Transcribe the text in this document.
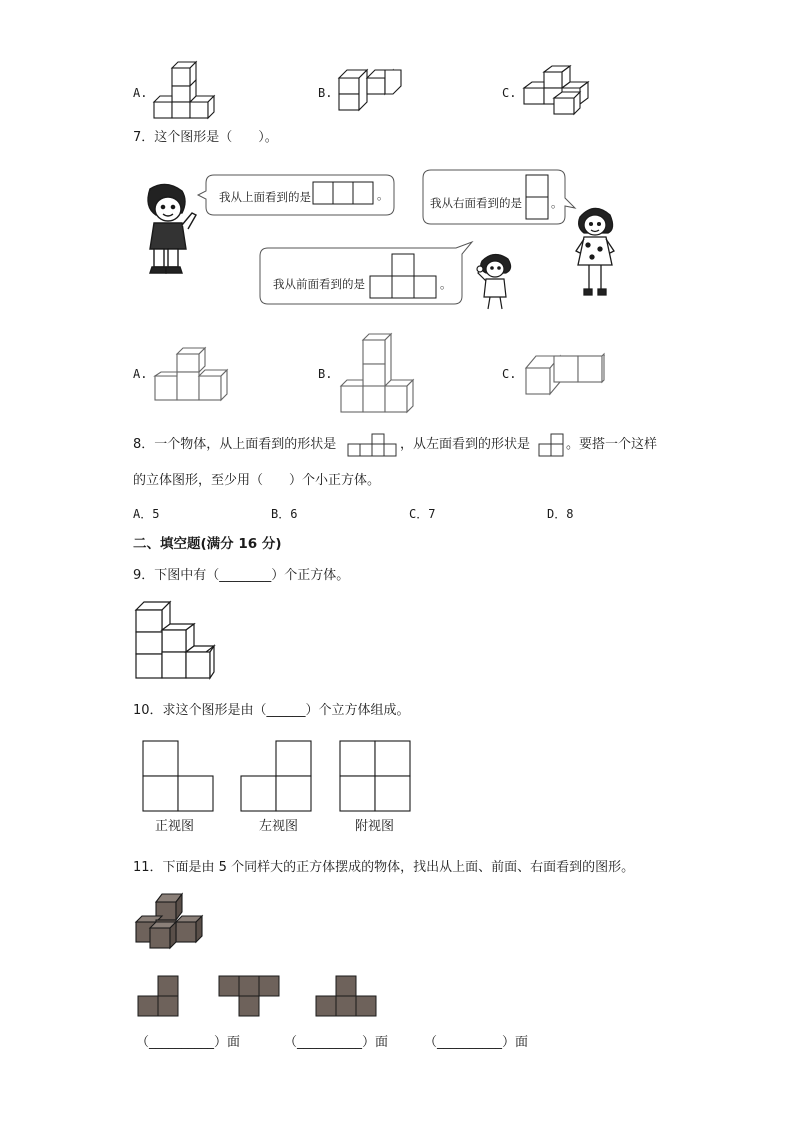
A.	B.	C.
7．这个图形是（　　）。
我从上面看到的是	。
我从右面看到的是	。
我从前面看到的是	。
A.	B.	C.
8．一个物体，从上面看到的形状是	，从左面看到的形状是	。要搭一个这样
的立体图形，至少用（　　）个小正方体。
A．5	B．6	C．7	D．8
二、填空题(满分 16 分)
9．下图中有（________）个正方体。
10．求这个图形是由（______）个立方体组成。
正视图	左视图	附视图
11．下面是由 5 个同样大的正方体摆成的物体，找出从上面、前面、右面看到的图形。
（__________）面	（__________）面	（__________）面
